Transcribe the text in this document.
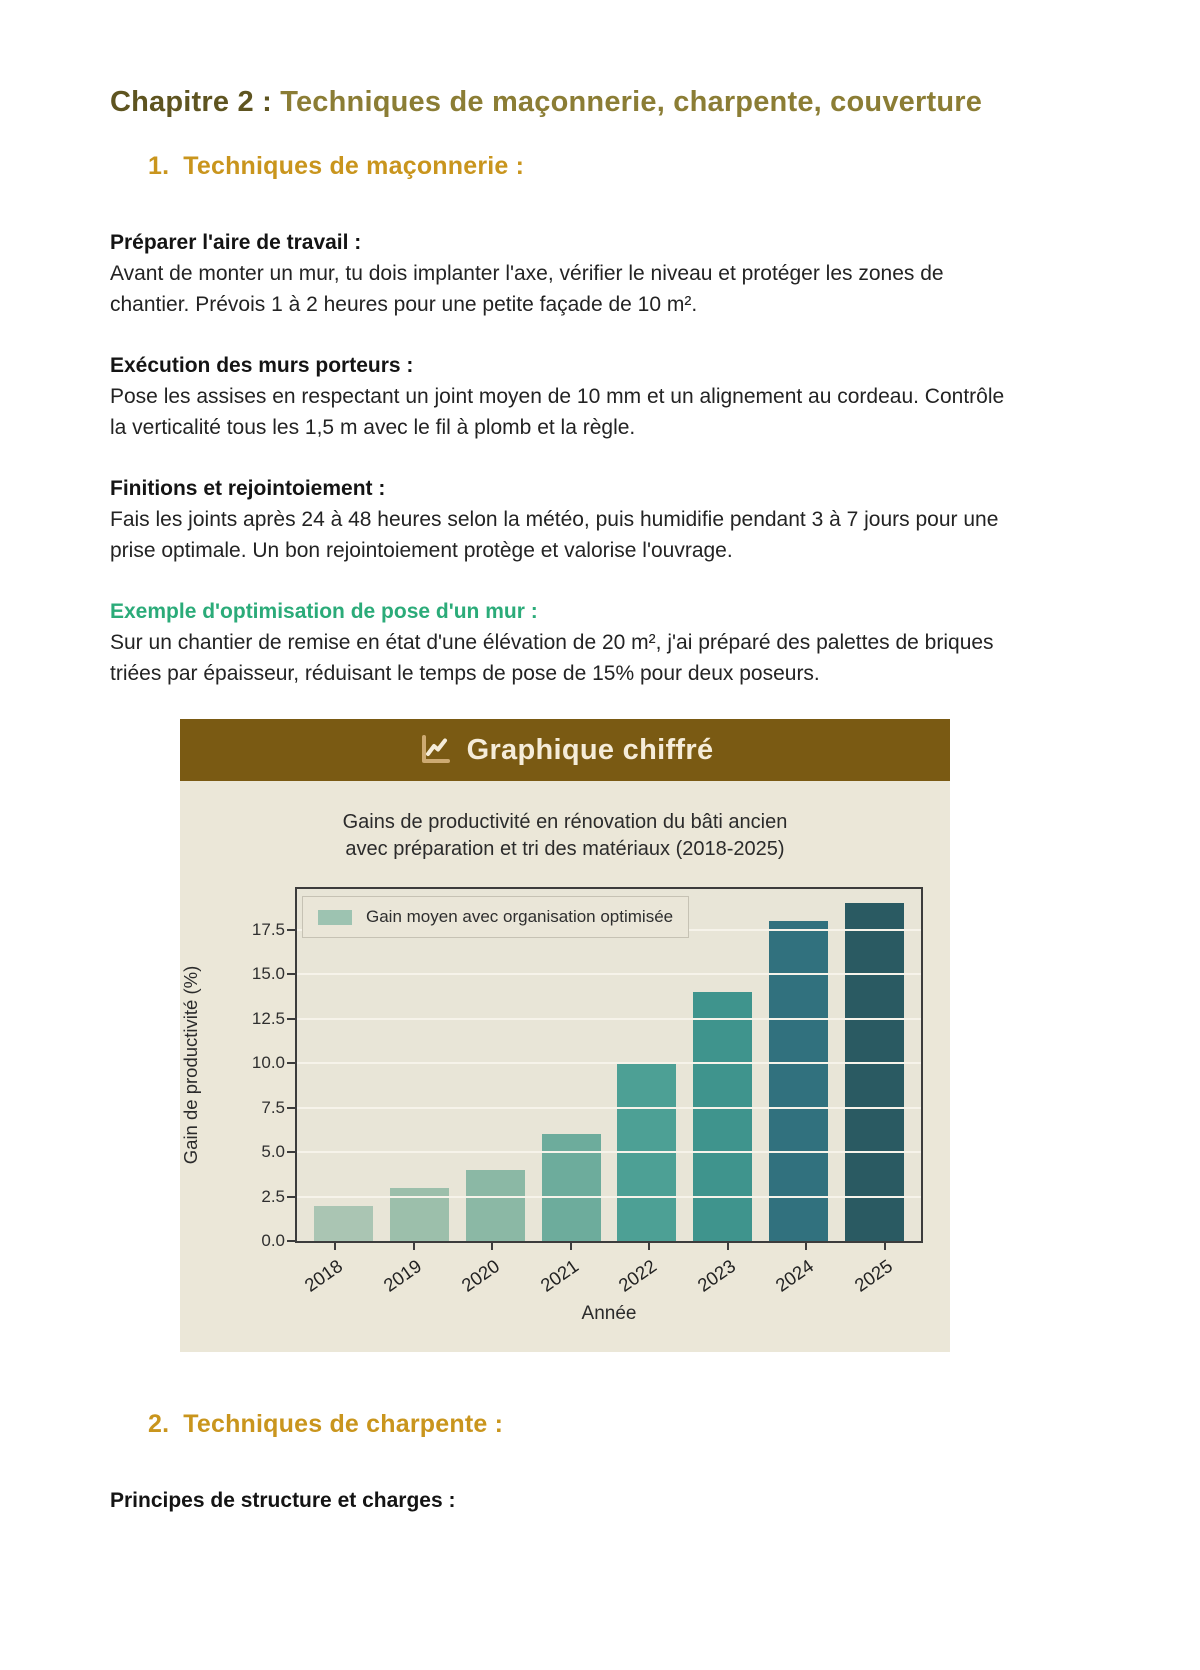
Chapitre 2 : Techniques de maçonnerie, charpente, couverture
1. Techniques de maçonnerie :
Préparer l'aire de travail :
Avant de monter un mur, tu dois implanter l'axe, vérifier le niveau et protéger les zones de chantier. Prévois 1 à 2 heures pour une petite façade de 10 m².
Exécution des murs porteurs :
Pose les assises en respectant un joint moyen de 10 mm et un alignement au cordeau. Contrôle la verticalité tous les 1,5 m avec le fil à plomb et la règle.
Finitions et rejointoiement :
Fais les joints après 24 à 48 heures selon la météo, puis humidifie pendant 3 à 7 jours pour une prise optimale. Un bon rejointoiement protège et valorise l'ouvrage.
Exemple d'optimisation de pose d'un mur :
Sur un chantier de remise en état d'une élévation de 20 m², j'ai préparé des palettes de briques triées par épaisseur, réduisant le temps de pose de 15% pour deux poseurs.
Graphique chiffré
Gains de productivité en rénovation du bâti ancien
avec préparation et tri des matériaux (2018-2025)
Gain de productivité (%)
Gain moyen avec organisation optimisée
0.0
2.5
5.0
7.5
10.0
12.5
15.0
17.5
2018 2019 2020 2021 2022 2023 2024 2025
Année
2. Techniques de charpente :
Principes de structure et charges :
